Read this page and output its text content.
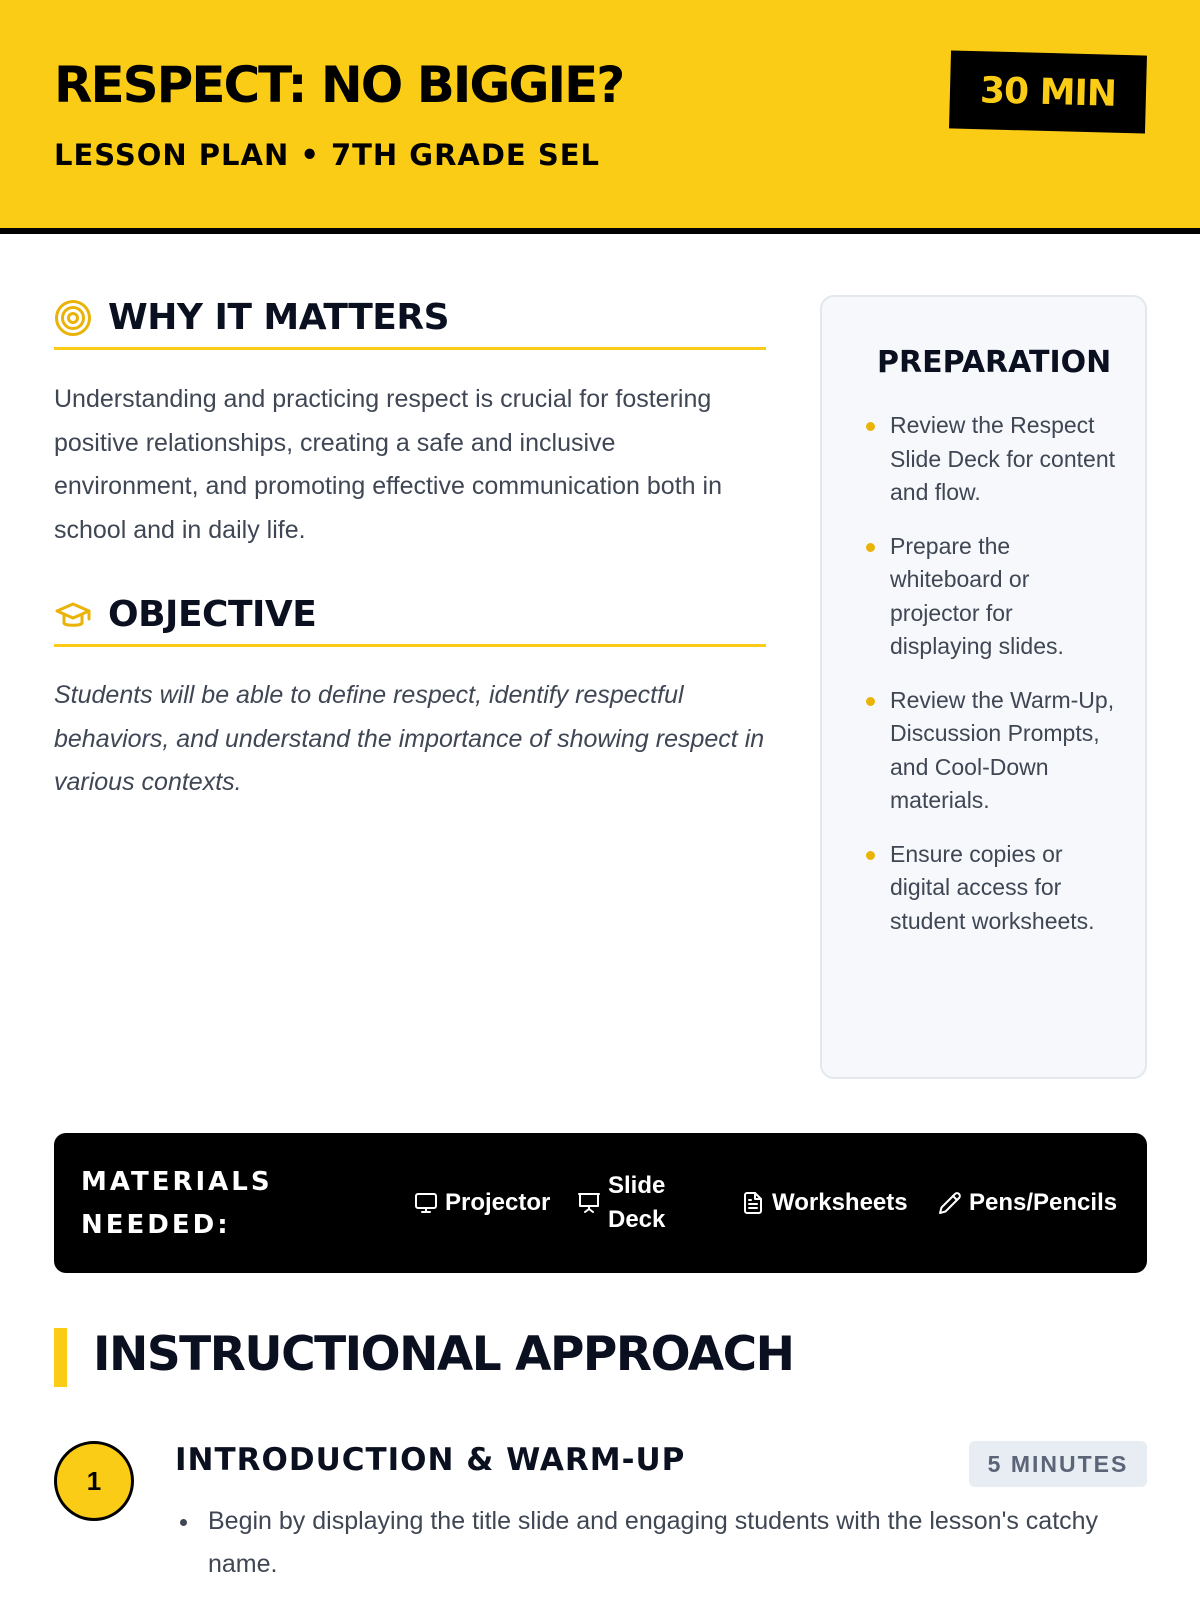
RESPECT: NO BIGGIE?
LESSON PLAN • 7TH GRADE SEL
30 MIN
WHY IT MATTERS

Understanding and practicing respect is crucial for fostering positive relationships, creating a safe and inclusive environment, and promoting effective communication both in school and in daily life.

OBJECTIVE

Students will be able to define respect, identify respectful behaviors, and understand the importance of showing respect in various contexts.

PREPARATION
Review the Respect Slide Deck for content and flow.
Prepare the whiteboard or projector for displaying slides.
Review the Warm-Up, Discussion Prompts, and Cool-Down materials.
Ensure copies or digital access for student worksheets.
MATERIALS NEEDED:
Projector
Slide Deck
Worksheets	Pens/Pencils
INSTRUCTIONAL APPROACH
1
INTRODUCTION & WARM-UP	5 MINUTES
Begin by displaying the title slide and engaging students with the lesson's catchy name.
